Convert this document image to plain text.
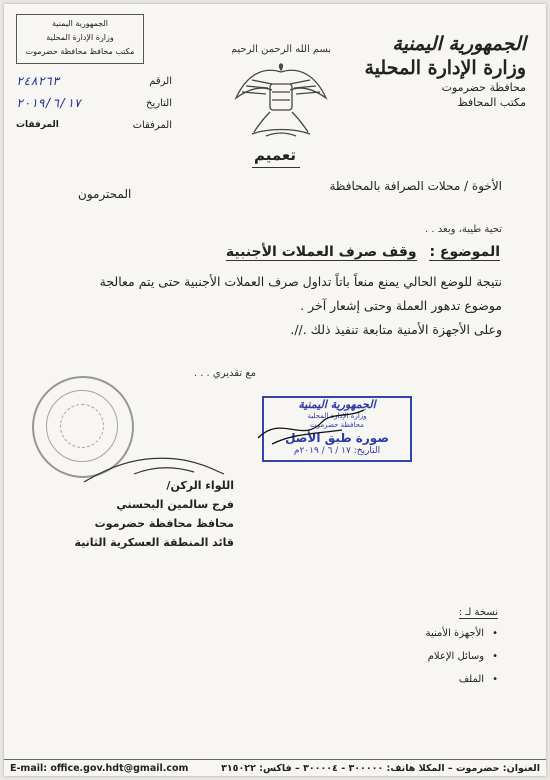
الجمهورية اليمنية
وزارة الإدارة المحلية
محافظة حضرموت
مكتب المحافظ
بسم الله الرحمن الرحيم
الجمهورية اليمنية
وزارة الإدارة المحلية
مكتب محافظ محافظة حضرموت
٢٤٨٢٦٣	الرقم
٢٠١٩/٦/١٧	التاريخ
المرفقات	المرفقات
تعميم
الأخوة / محلات الصرافة بالمحافظة
المحترمون
تحية طيبة، وبعد . .
الموضوع : وقف صرف العملات الأجنبية
نتيجة للوضع الحالي يمنع منعاً باتاً تداول صرف العملات الأجنبية حتى يتم معالجة
موضوع تدهور العملة وحتى إشعار آخر .
وعلى الأجهزة الأمنية متابعة تنفيذ ذلك .//.
مع تقديري . . .
الجمهورية اليمنية
وزارة الإدارة المحلية
محافظة حضرموت
صورة طبق الأصل
التاريخ: ١٧ / ٦ / ٢٠١٩م
اللواء الركن/
فرج سالمين البحسني
محافظ محافظة حضرموت
قائد المنطقة العسكرية الثانية
نسخة لـ :
• الأجهزة الأمنية
• وسائل الإعلام
• الملف
E-mail: office.gov.hdt@gmail.com	العنوان: حضرموت – المكلا هاتف: ٣٠٠٠٠٠ - ٣٠٠٠٠٤ – فاكس: ٣١٥٠٢٢
